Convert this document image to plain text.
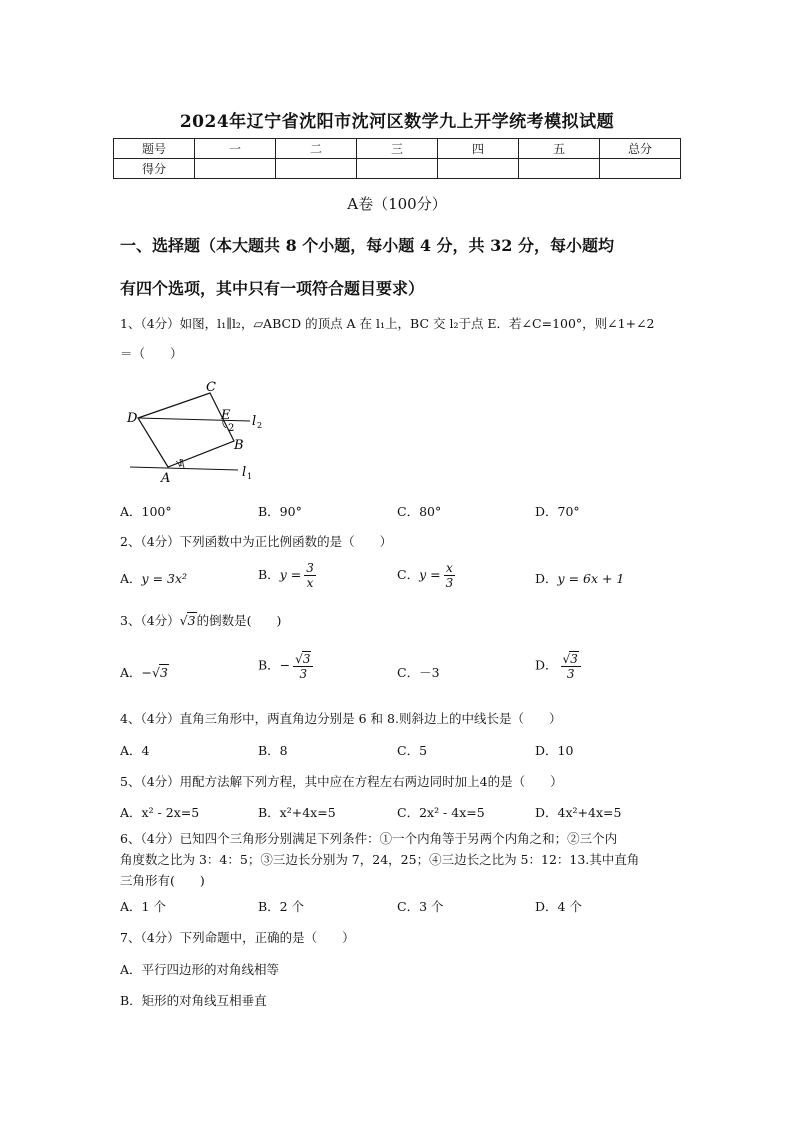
2024年辽宁省沈阳市沈河区数学九上开学统考模拟试题
题号	一	二	三	四	五	总分
得分						
A卷（100分）
一、选择题（本大题共 8 个小题，每小题 4 分，共 32 分，每小题均
有四个选项，其中只有一项符合题目要求）
1、（4分）如图，l₁∥l₂，▱ABCD 的顶点 A 在 l₁上，BC 交 l₂于点 E．若∠C=100°，则∠1+∠2
＝（　　）
C
D	E
2 l 2
B
1
A	l 1
A．100°	B．90°	C．80°	D．70°
2、（4分）下列函数中为正比例函数的是（　　）
A．y = 3x²	B．$y = \frac{3}{x}$	C．$y = \frac{x}{3}$	D．y = 6x + 1
3、（4分）√3的倒数是(　　)
A．−√3	B．− $\frac{√3}{3}$	C．－3	D． $\frac{√3}{3}$
4、（4分）直角三角形中，两直角边分别是 6 和 8.则斜边上的中线长是（　　）
A．4	B．8	C．5	D．10
5、（4分）用配方法解下列方程，其中应在方程左右两边同时加上4的是（　　）
A．x² - 2x=5	B．x²+4x=5	C．2x² - 4x=5	D．4x²+4x=5
6、（4分）已知四个三角形分别满足下列条件：①一个内角等于另两个内角之和；②三个内
角度数之比为 3：4：5；③三边长分别为 7，24，25；④三边长之比为 5：12：13.其中直角
三角形有(　　)
A．1 个	B．2 个	C．3 个	D．4 个
7、（4分）下列命题中，正确的是（　　）
A．平行四边形的对角线相等
B．矩形的对角线互相垂直
